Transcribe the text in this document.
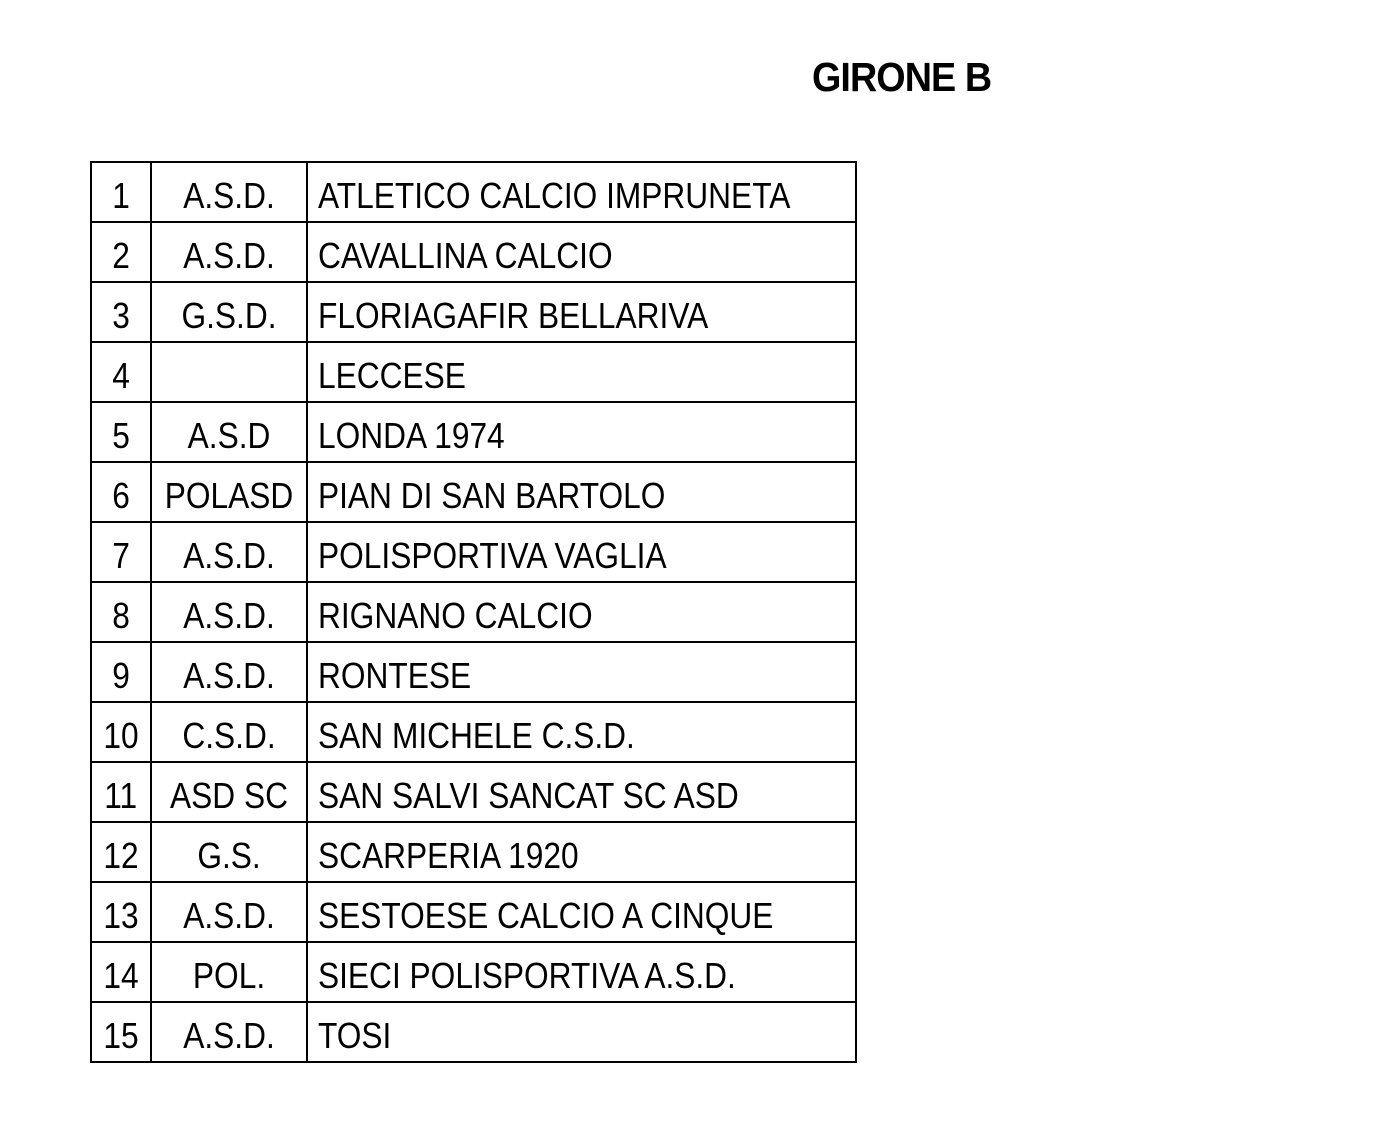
GIRONE B
1	A.S.D.	ATLETICO CALCIO IMPRUNETA
2	A.S.D.	CAVALLINA CALCIO
3	G.S.D.	FLORIAGAFIR BELLARIVA
4		LECCESE
5	A.S.D	LONDA 1974
6	POLASD	PIAN DI SAN BARTOLO
7	A.S.D.	POLISPORTIVA VAGLIA
8	A.S.D.	RIGNANO CALCIO
9	A.S.D.	RONTESE
10	C.S.D.	SAN MICHELE C.S.D.
11	ASD SC	SAN SALVI SANCAT SC ASD
12	G.S.	SCARPERIA 1920
13	A.S.D.	SESTOESE CALCIO A CINQUE
14	POL.	SIECI POLISPORTIVA A.S.D.
15	A.S.D.	TOSI
